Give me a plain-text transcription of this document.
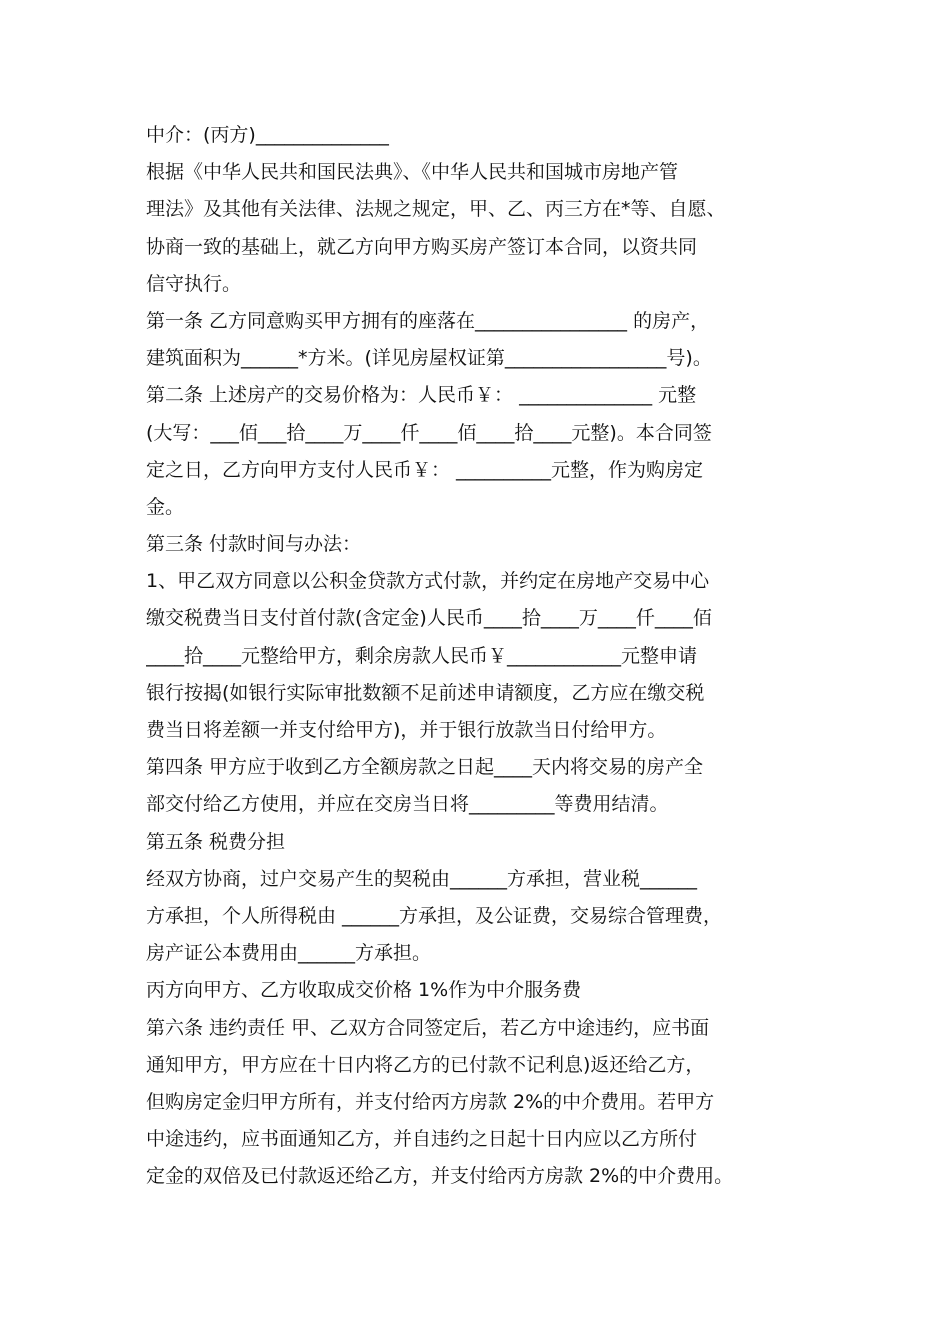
中介：(丙方)______________
根据《中华人民共和国民法典》、《中华人民共和国城市房地产管
理法》及其他有关法律、法规之规定，甲、乙、丙三方在*等、自愿、
协商一致的基础上，就乙方向甲方购买房产签订本合同，以资共同
信守执行。
第一条 乙方同意购买甲方拥有的座落在________________ 的房产，
建筑面积为______*方米。(详见房屋权证第_________________号)。
第二条 上述房产的交易价格为：人民币￥： ______________ 元整
(大写：___佰___拾____万____仟____佰____拾____元整)。本合同签
定之日，乙方向甲方支付人民币￥： __________元整，作为购房定
金。
第三条 付款时间与办法：
1、甲乙双方同意以公积金贷款方式付款，并约定在房地产交易中心
缴交税费当日支付首付款(含定金)人民币____拾____万____仟____佰
____拾____元整给甲方，剩余房款人民币￥____________元整申请
银行按揭(如银行实际审批数额不足前述申请额度，乙方应在缴交税
费当日将差额一并支付给甲方)，并于银行放款当日付给甲方。
第四条 甲方应于收到乙方全额房款之日起____天内将交易的房产全
部交付给乙方使用，并应在交房当日将_________等费用结清。
第五条 税费分担
经双方协商，过户交易产生的契税由______方承担，营业税______
方承担，个人所得税由 ______方承担，及公证费，交易综合管理费，
房产证公本费用由______方承担。
丙方向甲方、乙方收取成交价格 1%作为中介服务费
第六条 违约责任 甲、乙双方合同签定后，若乙方中途违约，应书面
通知甲方，甲方应在十日内将乙方的已付款不记利息)返还给乙方，
但购房定金归甲方所有，并支付给丙方房款 2%的中介费用。若甲方
中途违约，应书面通知乙方，并自违约之日起十日内应以乙方所付
定金的双倍及已付款返还给乙方，并支付给丙方房款 2%的中介费用。
